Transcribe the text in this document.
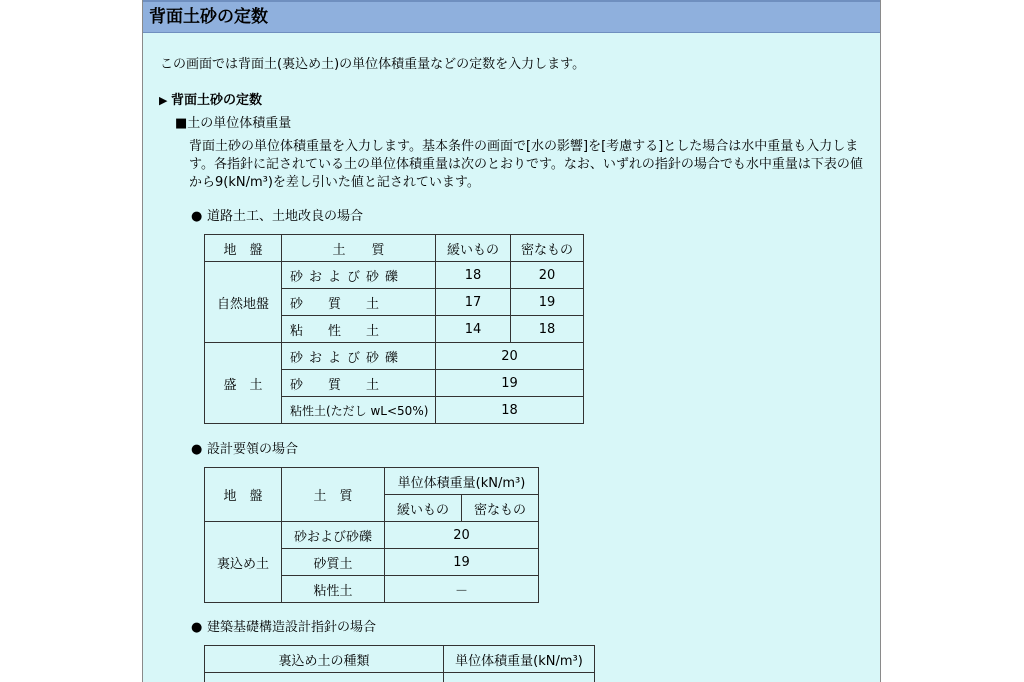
背面土砂の定数
この画面では背面土(裏込め土)の単位体積重量などの定数を入力します。
▶ 背面土砂の定数
■土の単位体積重量
背面土砂の単位体積重量を入力します。基本条件の画面で[水の影響]を[考慮する]とした場合は水中重量も入力します。各指針に記されている土の単位体積重量は次のとおりです。なお、いずれの指針の場合でも水中重量は下表の値から9(kN/m³)を差し引いた値と記されています。
● 道路土工、土地改良の場合
地　盤	土　　質	緩いもの	密なもの
自然地盤	砂および砂礫	18	20
	砂　質　土	17	19
	粘　性　土	14	18
盛　土	砂および砂礫	20	
	砂　質　土	19	
	粘性土(ただし wL<50%)	18	
● 設計要領の場合
地　盤	土　質	単位体積重量(kN/m³)	
		緩いもの	密なもの
裏込め土	砂および砂礫	20	
	砂質土	19	
	粘性土	－	
● 建築基礎構造設計指針の場合
裏込め土の種類	単位体積重量(kN/m³)
